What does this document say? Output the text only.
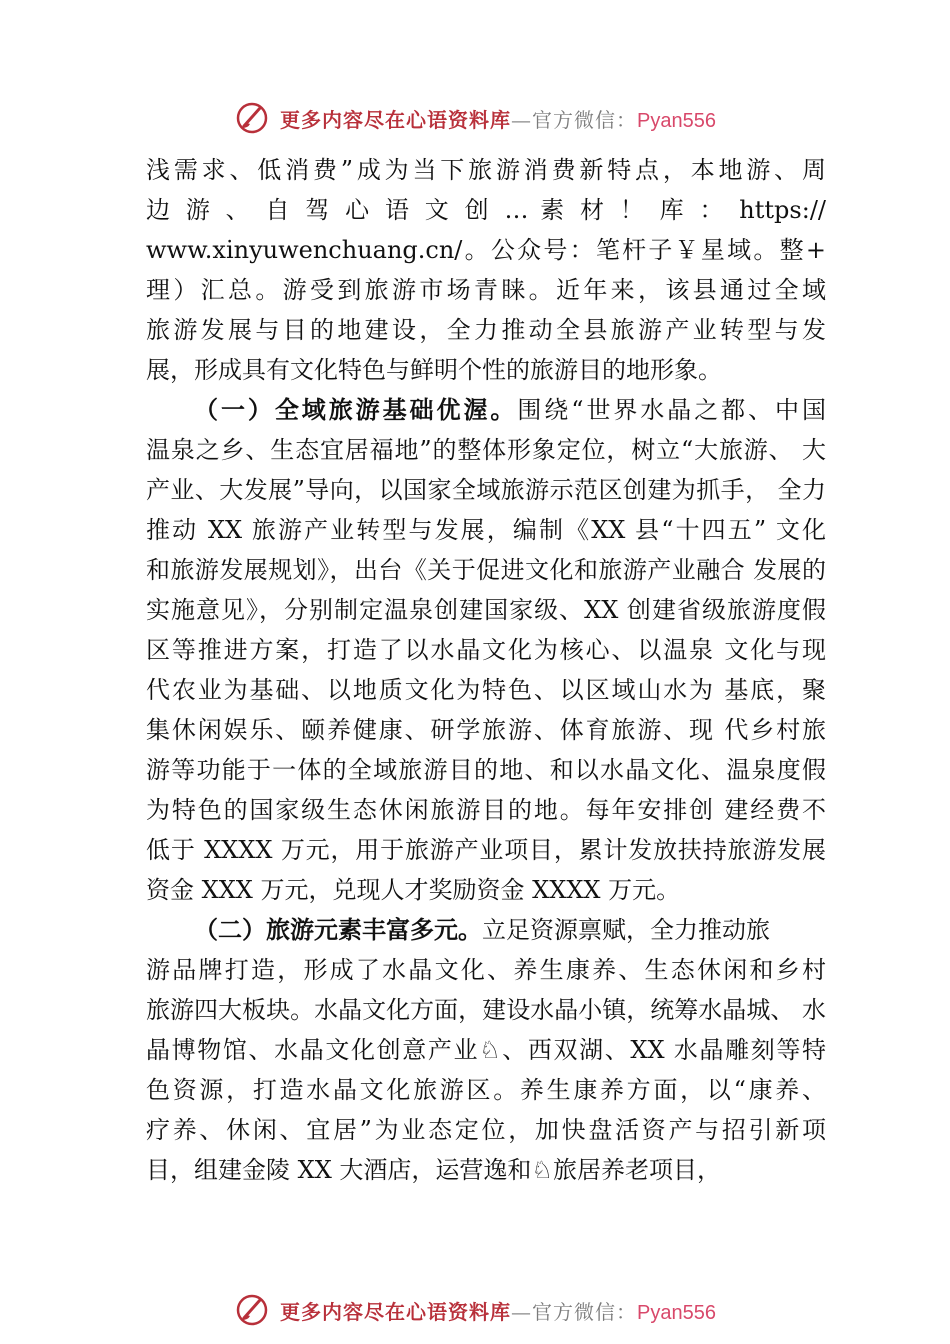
更多内容尽在心语资料库—官方微信：Pyan556
浅需求、低消费”成为当下旅游消费新特点，本地游、周
边 游 、 自 驾 心 语 文 创 … 素 材 ！ 库 ： https://
www.xinyuwenchuang.cn/。公众号：笔杆子￥星域。整+
理）汇总。游受到旅游市场青睐。近年来，该县通过全域
旅游发展与目的地建设，全力推动全县旅游产业转型与发
展，形成具有文化特色与鲜明个性的旅游目的地形象。
（一）全域旅游基础优渥。围绕“世界水晶之都、中国
温泉之乡、生态宜居福地”的整体形象定位，树立“大旅游、 大
产业、大发展”导向，以国家全域旅游示范区创建为抓手， 全力
推动 XX 旅游产业转型与发展，编制《XX 县“十四五” 文化
和旅游发展规划》，出台《关于促进文化和旅游产业融合 发展的
实施意见》，分别制定温泉创建国家级、XX 创建省级旅游度假
区等推进方案，打造了以水晶文化为核心、以温泉 文化与现
代农业为基础、以地质文化为特色、以区域山水为 基底，聚
集休闲娱乐、颐养健康、研学旅游、体育旅游、现 代乡村旅
游等功能于一体的全域旅游目的地、和以水晶文化、温泉度假
为特色的国家级生态休闲旅游目的地。每年安排创 建经费不
低于 XXXX 万元，用于旅游产业项目，累计发放扶持旅游发展
资金 XXX 万元，兑现人才奖励资金 XXXX 万元。
（二）旅游元素丰富多元。立足资源禀赋，全力推动旅
游品牌打造，形成了水晶文化、养生康养、生态休闲和乡村
旅游四大板块。水晶文化方面，建设水晶小镇，统筹水晶城、 水
晶博物馆、水晶文化创意产业♘、西双湖、XX 水晶雕刻等特
色资源，打造水晶文化旅游区。养生康养方面，以“康养、
疗养、休闲、宜居”为业态定位，加快盘活资产与招引新项
目，组建金陵 XX 大酒店，运营逸和♘旅居养老项目，
更多内容尽在心语资料库—官方微信：Pyan556
